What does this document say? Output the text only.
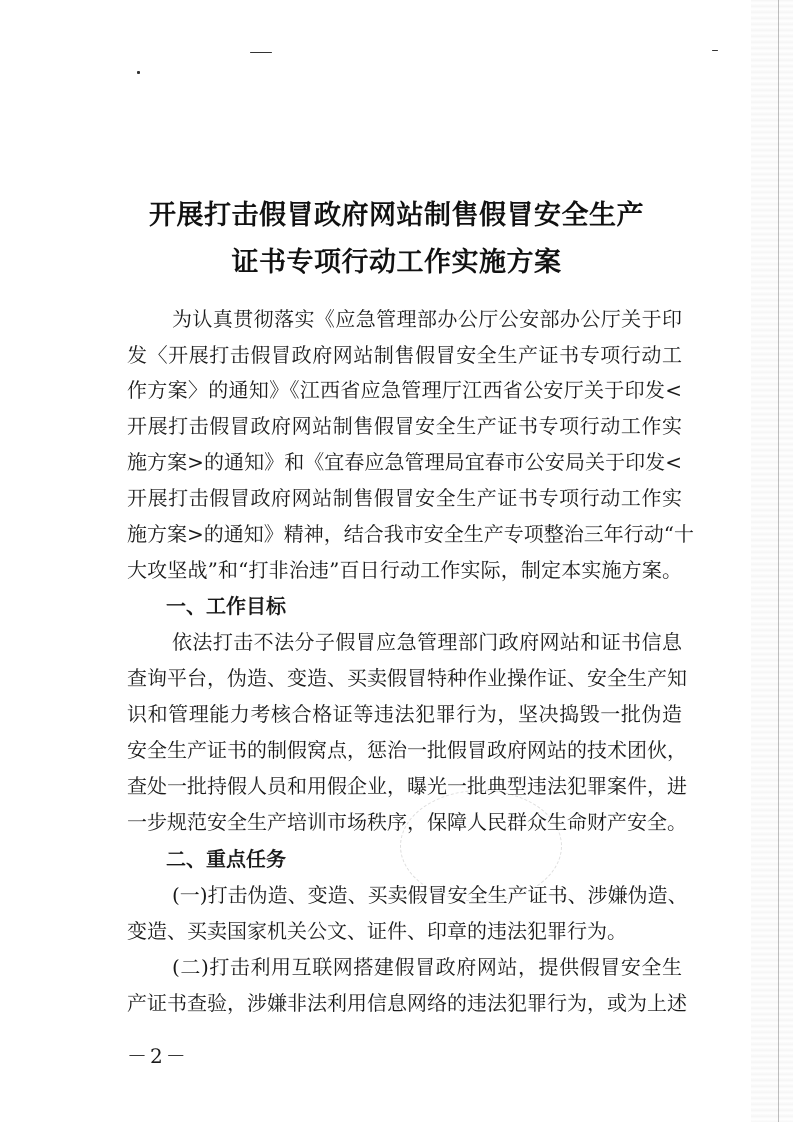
开展打击假冒政府网站制售假冒安全生产
证书专项行动工作实施方案
为认真贯彻落实《应急管理部办公厅公安部办公厅关于印
发〈开展打击假冒政府网站制售假冒安全生产证书专项行动工
作方案〉的通知》《江西省应急管理厅江西省公安厅关于印发<
开展打击假冒政府网站制售假冒安全生产证书专项行动工作实
施方案>的通知》和《宜春应急管理局宜春市公安局关于印发<
开展打击假冒政府网站制售假冒安全生产证书专项行动工作实
施方案>的通知》精神，结合我市安全生产专项整治三年行动“十
大攻坚战”和“打非治违”百日行动工作实际，制定本实施方案。
一、工作目标
依法打击不法分子假冒应急管理部门政府网站和证书信息
查询平台，伪造、变造、买卖假冒特种作业操作证、安全生产知
识和管理能力考核合格证等违法犯罪行为，坚决捣毁一批伪造
安全生产证书的制假窝点，惩治一批假冒政府网站的技术团伙，
查处一批持假人员和用假企业，曝光一批典型违法犯罪案件，进
一步规范安全生产培训市场秩序，保障人民群众生命财产安全。
二、重点任务
(一)打击伪造、变造、买卖假冒安全生产证书、涉嫌伪造、
变造、买卖国家机关公文、证件、印章的违法犯罪行为。
(二)打击利用互联网搭建假冒政府网站，提供假冒安全生
产证书查验，涉嫌非法利用信息网络的违法犯罪行为，或为上述
－2－
